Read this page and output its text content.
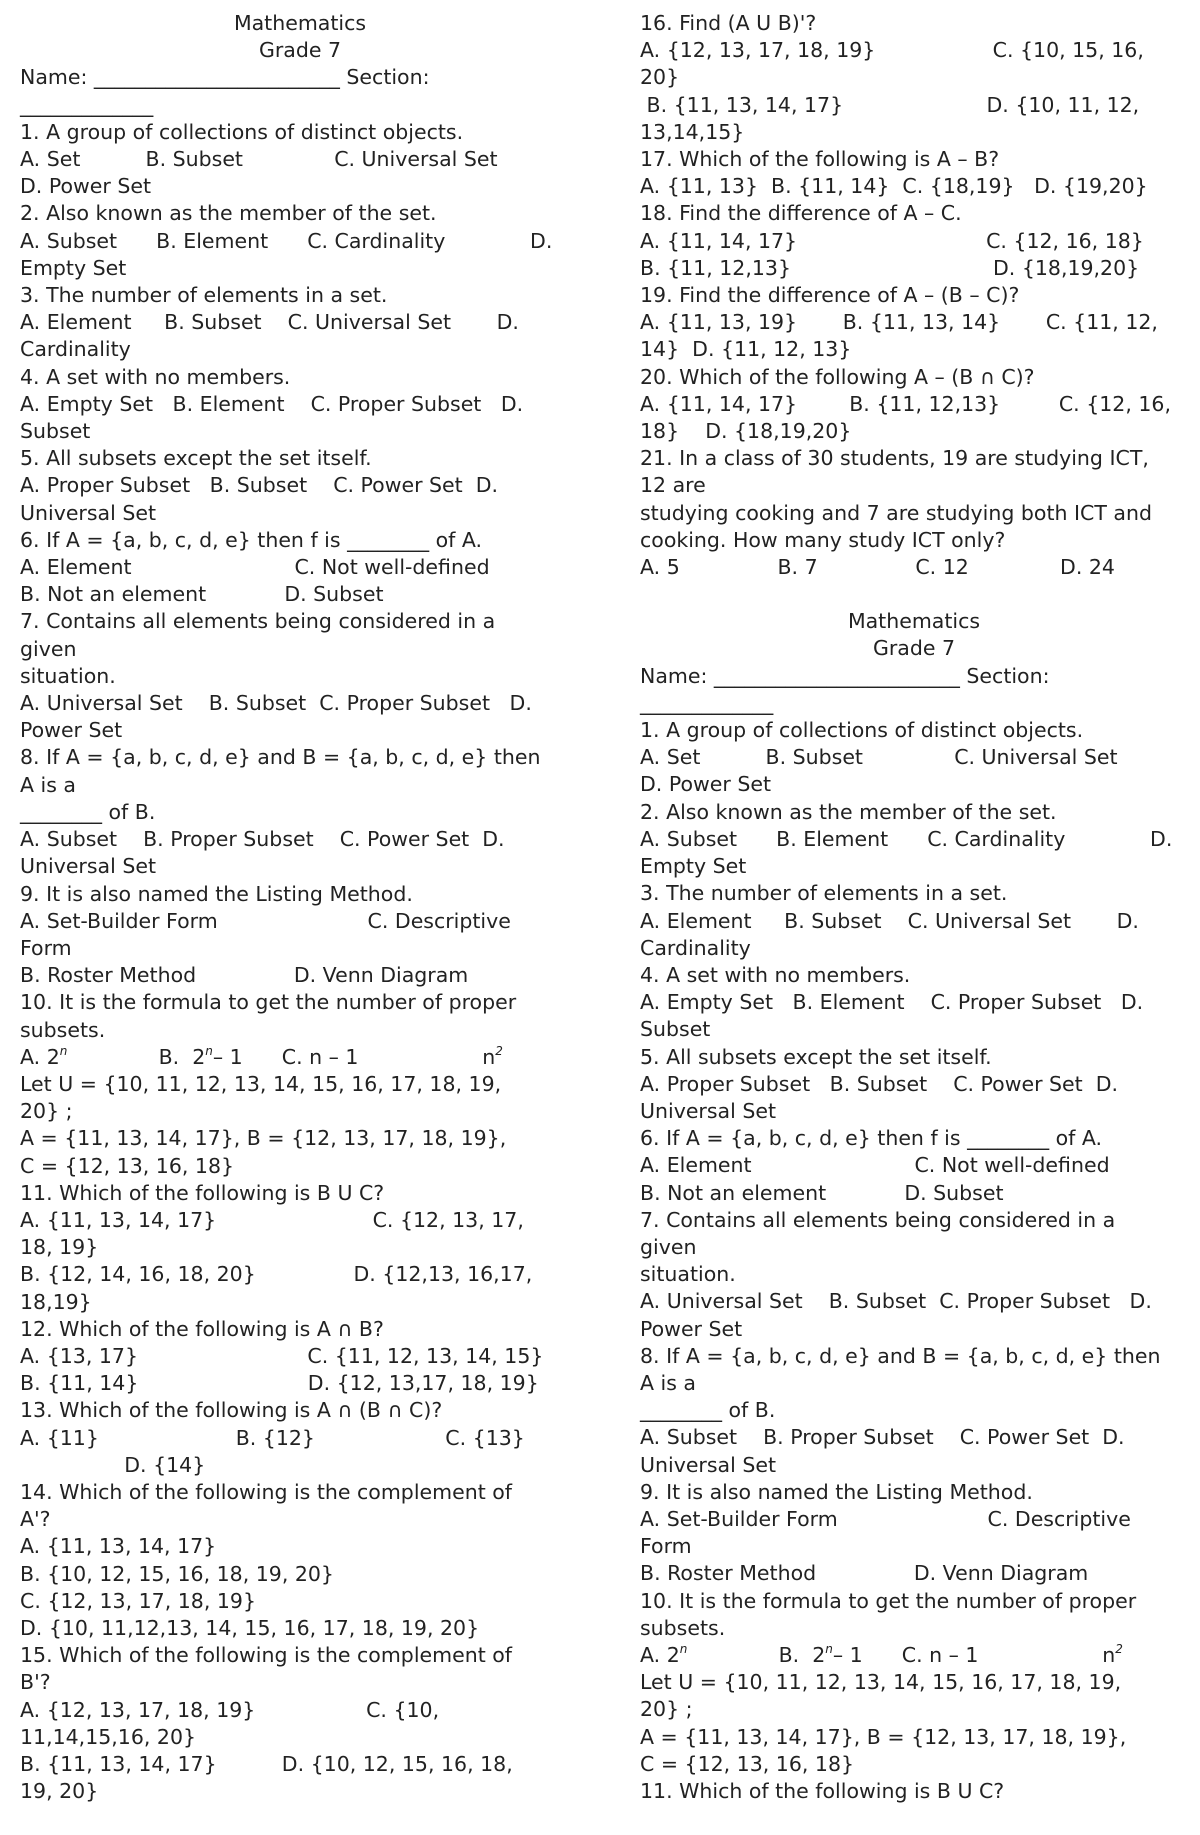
Mathematics
Grade 7
Name: ________________________ Section:
_____________
1. A group of collections of distinct objects.
A. Set          B. Subset              C. Universal Set
D. Power Set
2. Also known as the member of the set.
A. Subset      B. Element      C. Cardinality             D.
Empty Set
3. The number of elements in a set.
A. Element     B. Subset    C. Universal Set       D.
Cardinality
4. A set with no members.
A. Empty Set   B. Element    C. Proper Subset   D.
Subset
5. All subsets except the set itself.
A. Proper Subset   B. Subset    C. Power Set  D.
Universal Set
6. If A = {a, b, c, d, e} then f is ________ of A.
A. Element                         C. Not well-defined
B. Not an element            D. Subset
7. Contains all elements being considered in a
given
situation.
A. Universal Set    B. Subset  C. Proper Subset   D.
Power Set
8. If A = {a, b, c, d, e} and B = {a, b, c, d, e} then
A is a
________ of B.
A. Subset    B. Proper Subset    C. Power Set  D.
Universal Set
9. It is also named the Listing Method.
A. Set-Builder Form                       C. Descriptive
Form
B. Roster Method               D. Venn Diagram
10. It is the formula to get the number of proper
subsets.
A. 2$^n$              B.  2$^n$– 1      C. n – 1                   $n^2$
Let U = {10, 11, 12, 13, 14, 15, 16, 17, 18, 19,
20} ;
A = {11, 13, 14, 17}, B = {12, 13, 17, 18, 19},
C = {12, 13, 16, 18}
11. Which of the following is B U C?
A. {11, 13, 14, 17}                        C. {12, 13, 17,
18, 19}
B. {12, 14, 16, 18, 20}               D. {12,13, 16,17,
18,19}
12. Which of the following is A ∩ B?
A. {13, 17}                          C. {11, 12, 13, 14, 15}
B. {11, 14}                          D. {12, 13,17, 18, 19}
13. Which of the following is A ∩ (B ∩ C)?
A. {11}                     B. {12}                    C. {13}
D. {14}
14. Which of the following is the complement of
A'?
A. {11, 13, 14, 17}
B. {10, 12, 15, 16, 18, 19, 20}
C. {12, 13, 17, 18, 19}
D. {10, 11,12,13, 14, 15, 16, 17, 18, 19, 20}
15. Which of the following is the complement of
B'?
A. {12, 13, 17, 18, 19}                 C. {10,
11,14,15,16, 20}
B. {11, 13, 14, 17}          D. {10, 12, 15, 16, 18,
19, 20}
16. Find (A U B)'?
A. {12, 13, 17, 18, 19}                  C. {10, 15, 16,
20}
B. {11, 13, 14, 17}                      D. {10, 11, 12,
13,14,15}
17. Which of the following is A – B?
A. {11, 13}  B. {11, 14}  C. {18,19}   D. {19,20}
18. Find the difference of A – C.
A. {11, 14, 17}                             C. {12, 16, 18}
B. {11, 12,13}                               D. {18,19,20}
19. Find the difference of A – (B – C)?
A. {11, 13, 19}       B. {11, 13, 14}       C. {11, 12,
14}  D. {11, 12, 13}
20. Which of the following A – (B ∩ C)?
A. {11, 14, 17}        B. {11, 12,13}         C. {12, 16,
18}    D. {18,19,20}
21. In a class of 30 students, 19 are studying ICT,
12 are
studying cooking and 7 are studying both ICT and
cooking. How many study ICT only?
A. 5               B. 7               C. 12              D. 24
Mathematics
Grade 7
Name: ________________________ Section:
_____________
1. A group of collections of distinct objects.
A. Set          B. Subset              C. Universal Set
D. Power Set
2. Also known as the member of the set.
A. Subset      B. Element      C. Cardinality             D.
Empty Set
3. The number of elements in a set.
A. Element     B. Subset    C. Universal Set       D.
Cardinality
4. A set with no members.
A. Empty Set   B. Element    C. Proper Subset   D.
Subset
5. All subsets except the set itself.
A. Proper Subset   B. Subset    C. Power Set  D.
Universal Set
6. If A = {a, b, c, d, e} then f is ________ of A.
A. Element                         C. Not well-defined
B. Not an element            D. Subset
7. Contains all elements being considered in a
given
situation.
A. Universal Set    B. Subset  C. Proper Subset   D.
Power Set
8. If A = {a, b, c, d, e} and B = {a, b, c, d, e} then
A is a
________ of B.
A. Subset    B. Proper Subset    C. Power Set  D.
Universal Set
9. It is also named the Listing Method.
A. Set-Builder Form                       C. Descriptive
Form
B. Roster Method               D. Venn Diagram
10. It is the formula to get the number of proper
subsets.
A. 2$^n$              B.  2$^n$– 1      C. n – 1                   $n^2$
Let U = {10, 11, 12, 13, 14, 15, 16, 17, 18, 19,
20} ;
A = {11, 13, 14, 17}, B = {12, 13, 17, 18, 19},
C = {12, 13, 16, 18}
11. Which of the following is B U C?
